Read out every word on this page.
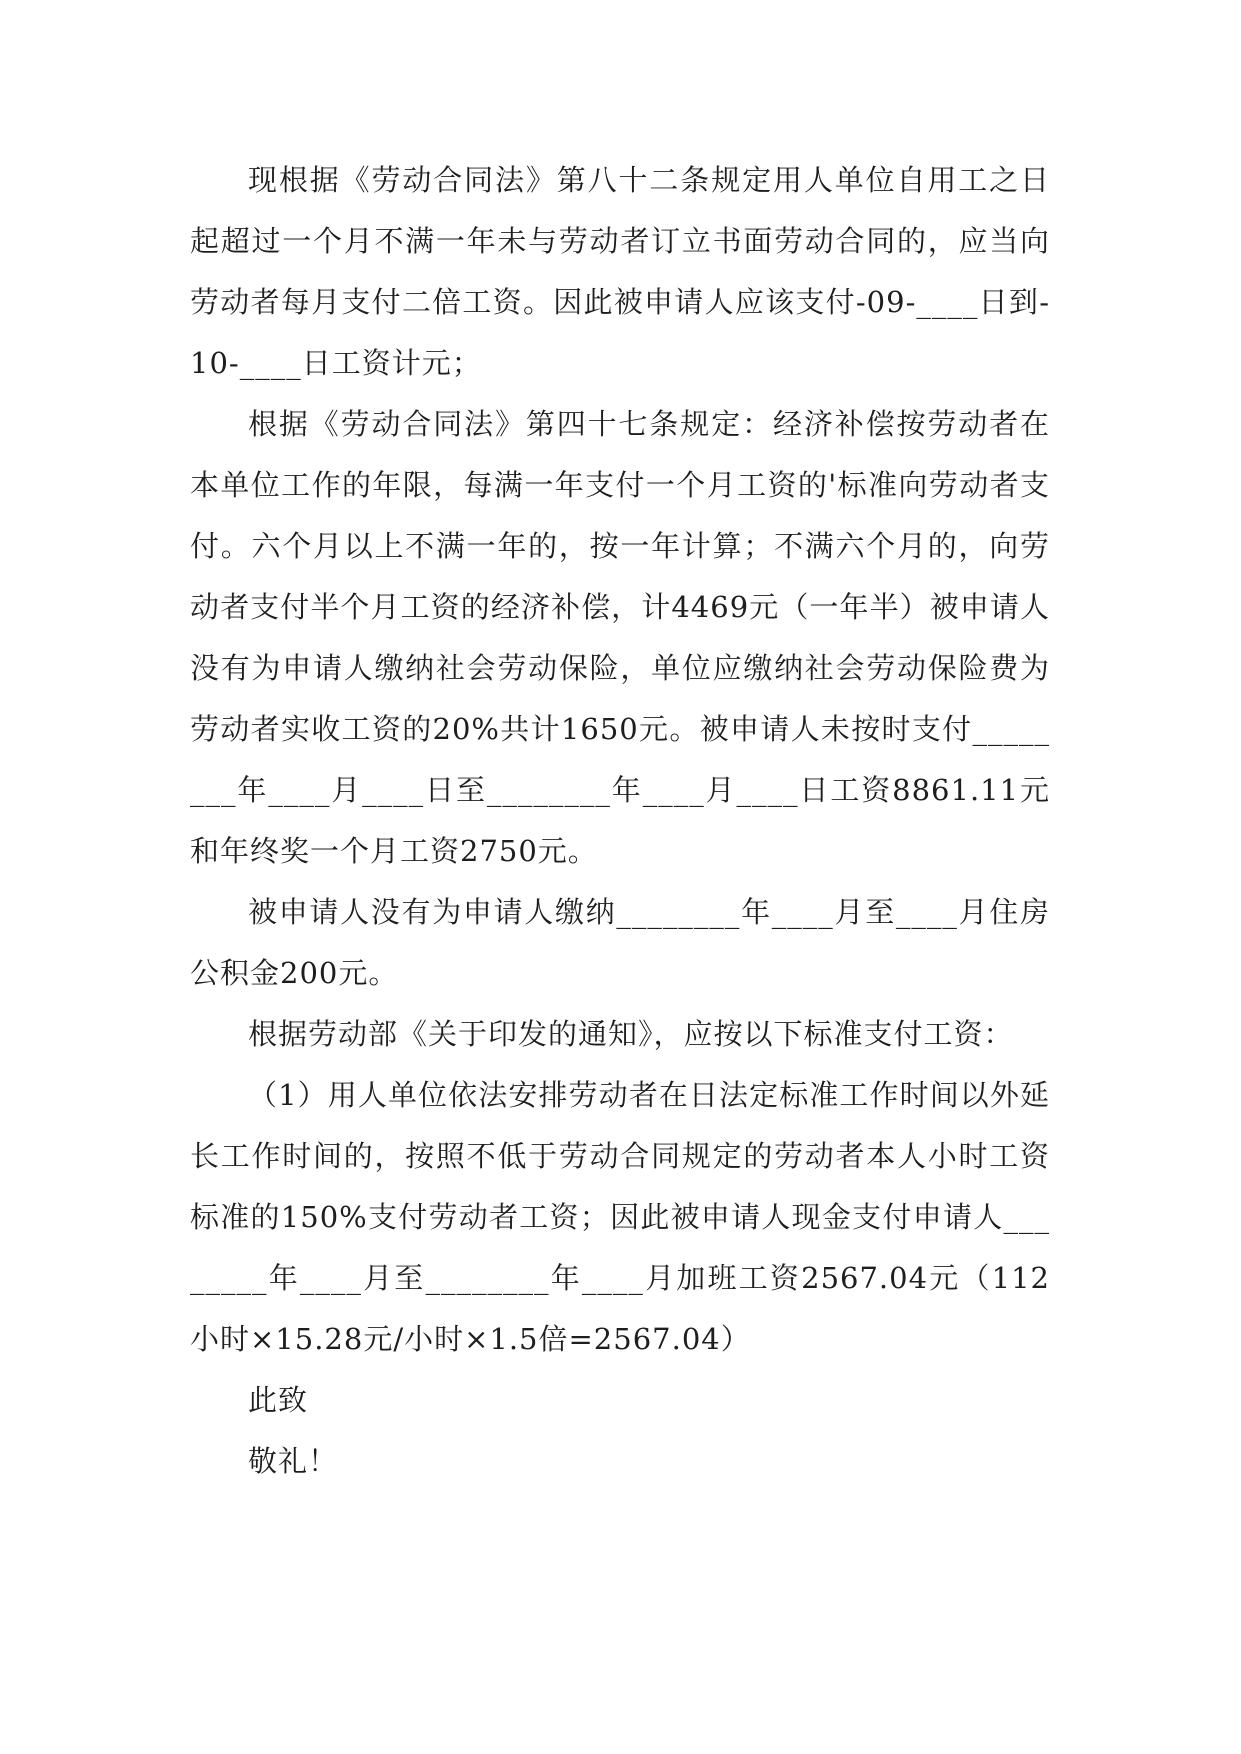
现根据《劳动合同法》第八十二条规定用人单位自用工之日起超过一个月不满一年未与劳动者订立书面劳动合同的，应当向劳动者每月支付二倍工资。因此被申请人应该支付-09-____日到-10-____日工资计元；

根据《劳动合同法》第四十七条规定：经济补偿按劳动者在本单位工作的年限，每满一年支付一个月工资的'标准向劳动者支付。六个月以上不满一年的，按一年计算；不满六个月的，向劳动者支付半个月工资的经济补偿，计4469元（一年半）被申请人没有为申请人缴纳社会劳动保险，单位应缴纳社会劳动保险费为劳动者实收工资的20%共计1650元。被申请人未按时支付________年____月____日至________年____月____日工资8861.11元和年终奖一个月工资2750元。

被申请人没有为申请人缴纳________年____月至____月住房公积金200元。

根据劳动部《关于印发的通知》，应按以下标准支付工资：

（1）用人单位依法安排劳动者在日法定标准工作时间以外延长工作时间的，按照不低于劳动合同规定的劳动者本人小时工资标准的150%支付劳动者工资；因此被申请人现金支付申请人________年____月至________年____月加班工资2567.04元（112小时×15.28元/小时×1.5倍=2567.04）

此致

敬礼！
